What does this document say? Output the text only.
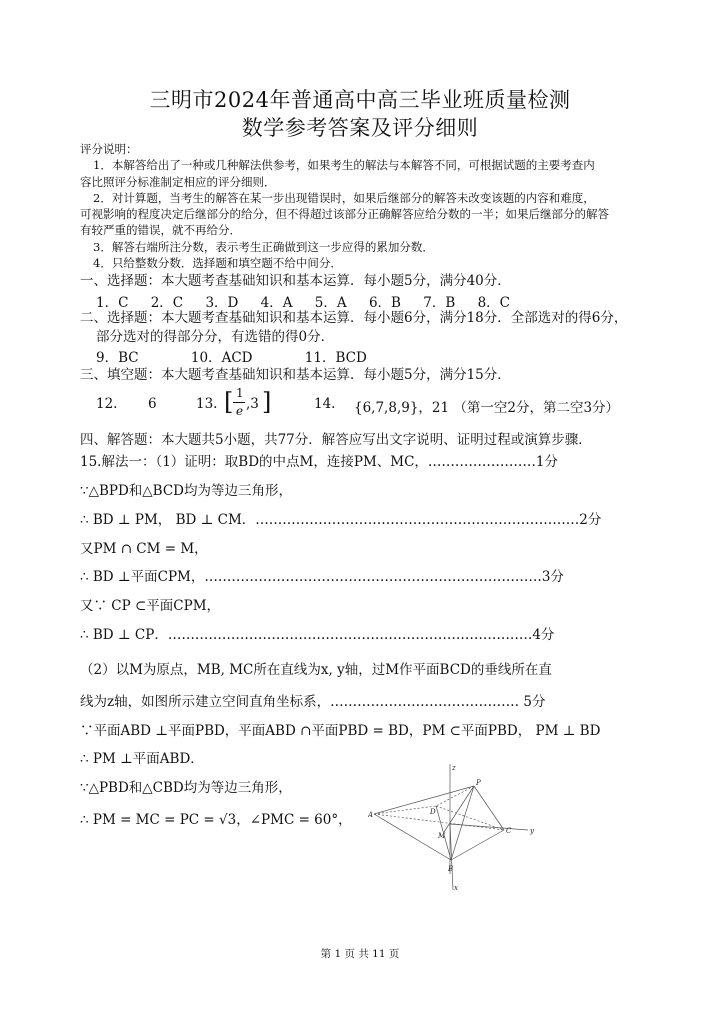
三明市2024年普通高中高三毕业班质量检测
数学参考答案及评分细则
评分说明：
1．本解答给出了一种或几种解法供参考，如果考生的解法与本解答不同，可根据试题的主要考查内
容比照评分标准制定相应的评分细则．
2．对计算题，当考生的解答在某一步出现错误时，如果后继部分的解答未改变该题的内容和难度，
可视影响的程度决定后继部分的给分，但不得超过该部分正确解答应给分数的一半；如果后继部分的解答
有较严重的错误，就不再给分．
3．解答右端所注分数，表示考生正确做到这一步应得的累加分数．
4．只给整数分数．选择题和填空题不给中间分．
一、选择题：本大题考查基础知识和基本运算．每小题5分，满分40分．
1．C 2．C 3．D 4．A 5．A 6．B 7．B 8．C
二、选择题：本大题考查基础知识和基本运算．每小题6分，满分18分．全部选对的得6分，
部分选对的得部分分，有选错的得0分．
9．BC	10．ACD	11．BCD
三、填空题：本大题考查基础知识和基本运算．每小题5分，满分15分．
12. 6	13. [ 1
e ,3 ]	14. {6,7,8,9}，21 （第一空2分，第二空3分）
四、解答题：本大题共5小题，共77分．解答应写出文字说明、证明过程或演算步骤．
15.解法一：（1）证明：取BD的中点M，连接PM、MC，……………………1分
∵△BPD和△BCD均为等边三角形，
∴ BD ⊥ PM， BD ⊥ CM．………………………………………………………………2分
又PM ∩ CM = M，
∴ BD ⊥平面CPM，…………………………………………………………………3分
又∵ CP ⊂平面CPM，
∴ BD ⊥ CP．………………………………………………………………………4分
（2）以M为原点，MB, MC所在直线为x, y轴，过M作平面BCD的垂线所在直
线为z轴，如图所示建立空间直角坐标系，…………………………………… 5分
∵平面ABD ⊥平面PBD，平面ABD ∩平面PBD = BD，PM ⊂平面PBD， PM ⊥ BD
∴ PM ⊥平面ABD．
∵△PBD和△CBD均为等边三角形，
∴ PM = MC = PC = √3，∠PMC = 60°，
z
P
A	D
M
C	y
B
x
第 1 页 共 11 页
